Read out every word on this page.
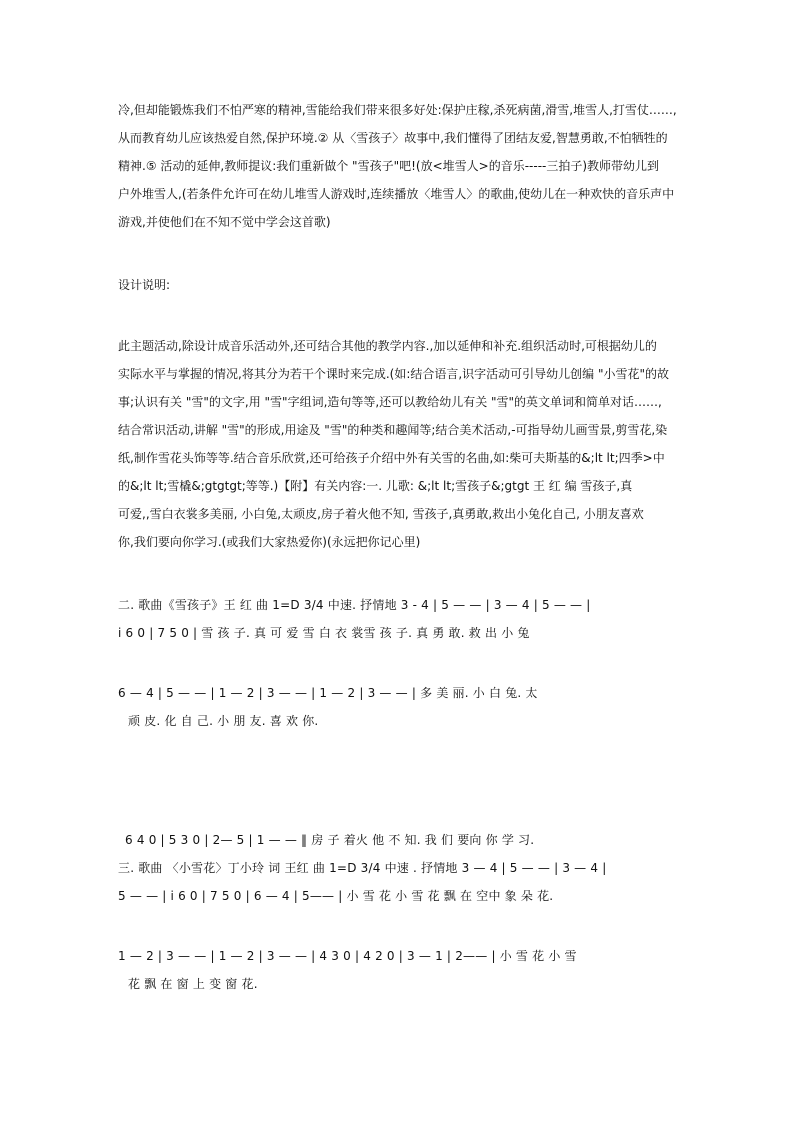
冷,但却能锻炼我们不怕严寒的精神,雪能给我们带来很多好处:保护庄稼,杀死病菌,滑雪,堆雪人,打雪仗……,
从而教育幼儿应该热爱自然,保护环境.② 从〈雪孩子〉故事中,我们懂得了团结友爱,智慧勇敢,不怕牺牲的
精神.⑤ 活动的延伸,教师提议:我们重新做个 "雪孩子"吧!(放<堆雪人>的音乐-----三拍子)教师带幼儿到
户外堆雪人,(若条件允许可在幼儿堆雪人游戏时,连续播放〈堆雪人〉的歌曲,使幼儿在一种欢快的音乐声中
游戏,并使他们在不知不觉中学会这首歌)
设计说明:
此主题活动,除设计成音乐活动外,还可结合其他的教学内容.,加以延伸和补充.组织活动时,可根据幼儿的
实际水平与掌握的情况,将其分为若干个课时来完成.(如:结合语言,识字活动可引导幼儿创编 "小雪花"的故
事;认识有关 "雪"的文字,用 "雪"字组词,造句等等,还可以教给幼儿有关 "雪"的英文单词和简单对话……,
结合常识活动,讲解 "雪"的形成,用途及 "雪"的种类和趣闻等;结合美术活动,-可指导幼儿画雪景,剪雪花,染
纸,制作雪花头饰等等.结合音乐欣赏,还可给孩子介绍中外有关雪的名曲,如:柴可夫斯基的&;lt lt;四季>中
的&;lt lt;雪橇&;gtgtgt;等等.)【附】有关内容:一. 儿歌: &;lt lt;雪孩子&;gtgt 王 红 编 雪孩子,真
可爱,,雪白衣裳多美丽, 小白兔,太顽皮,房子着火他不知, 雪孩子,真勇敢,救出小兔化自己, 小朋友喜欢
你,我们要向你学习.(或我们大家热爱你)(永远把你记心里)
二. 歌曲《雪孩子》王 红 曲 1=D 3/4 中速. 抒情地 3 - 4 | 5 — — | 3 — 4 | 5 — — |
i 6 0 | 7 5 0 | 雪 孩 子. 真 可 爱 雪 白 衣 裳雪 孩 子. 真 勇 敢. 救 出 小 兔
6 — 4 | 5 — — | 1 — 2 | 3 — — | 1 — 2 | 3 — — | 多 美 丽. 小 白 兔. 太
顽 皮. 化 自 己. 小 朋 友. 喜 欢 你.
6 4 0 | 5 3 0 | 2— 5 | 1 — — ‖ 房 子 着火 他 不 知. 我 们 要向 你 学 习.
三. 歌曲 〈小雪花〉丁小玲 词 王红 曲 1=D 3/4 中速 . 抒情地 3 — 4 | 5 — — | 3 — 4 |
5 — — | i 6 0 | 7 5 0 | 6 — 4 | 5—— | 小 雪 花 小 雪 花 飘 在 空中 象 朵 花.
1 — 2 | 3 — — | 1 — 2 | 3 — — | 4 3 0 | 4 2 0 | 3 — 1 | 2—— | 小 雪 花 小 雪
花 飘 在 窗 上 变 窗 花.
